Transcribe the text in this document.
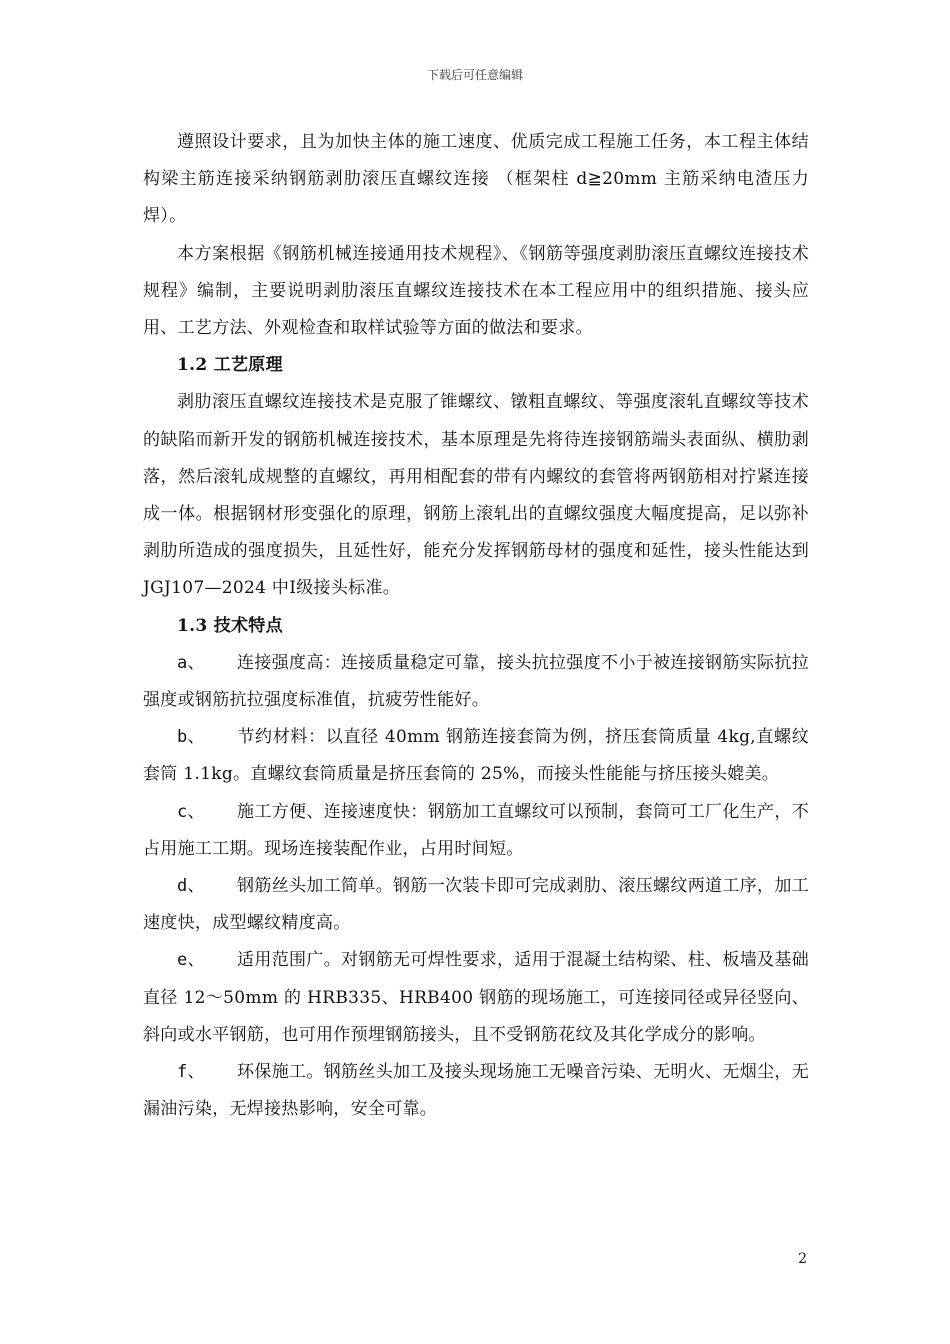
下载后可任意编辑

遵照设计要求，且为加快主体的施工速度、优质完成工程施工任务，本工程主体结构梁主筋连接采纳钢筋剥肋滚压直螺纹连接 （框架柱 d≧20mm 主筋采纳电渣压力焊）。

本方案根据《钢筋机械连接通用技术规程》、《钢筋等强度剥肋滚压直螺纹连接技术规程》编制，主要说明剥肋滚压直螺纹连接技术在本工程应用中的组织措施、接头应用、工艺方法、外观检查和取样试验等方面的做法和要求。

1.2 工艺原理

剥肋滚压直螺纹连接技术是克服了锥螺纹、镦粗直螺纹、等强度滚轧直螺纹等技术的缺陷而新开发的钢筋机械连接技术，基本原理是先将待连接钢筋端头表面纵、横肋剥落，然后滚轧成规整的直螺纹，再用相配套的带有内螺纹的套管将两钢筋相对拧紧连接成一体。根据钢材形变强化的原理，钢筋上滚轧出的直螺纹强度大幅度提高，足以弥补剥肋所造成的强度损失，且延性好，能充分发挥钢筋母材的强度和延性，接头性能达到 JGJ107—2024 中Ⅰ级接头标准。

1.3 技术特点

a、 连接强度高：连接质量稳定可靠，接头抗拉强度不小于被连接钢筋实际抗拉强度或钢筋抗拉强度标准值，抗疲劳性能好。

b、 节约材料：以直径 40mm 钢筋连接套筒为例，挤压套筒质量 4kg,直螺纹套筒 1.1kg。直螺纹套筒质量是挤压套筒的 25%，而接头性能能与挤压接头媲美。

c、 施工方便、连接速度快：钢筋加工直螺纹可以预制，套筒可工厂化生产，不占用施工工期。现场连接装配作业，占用时间短。

d、 钢筋丝头加工简单。钢筋一次装卡即可完成剥肋、滚压螺纹两道工序，加工速度快，成型螺纹精度高。

e、 适用范围广。对钢筋无可焊性要求，适用于混凝土结构梁、柱、板墙及基础直径 12～50mm 的 HRB335、HRB400 钢筋的现场施工，可连接同径或异径竖向、斜向或水平钢筋，也可用作预埋钢筋接头，且不受钢筋花纹及其化学成分的影响。

f、 环保施工。钢筋丝头加工及接头现场施工无噪音污染、无明火、无烟尘，无漏油污染，无焊接热影响，安全可靠。

2
